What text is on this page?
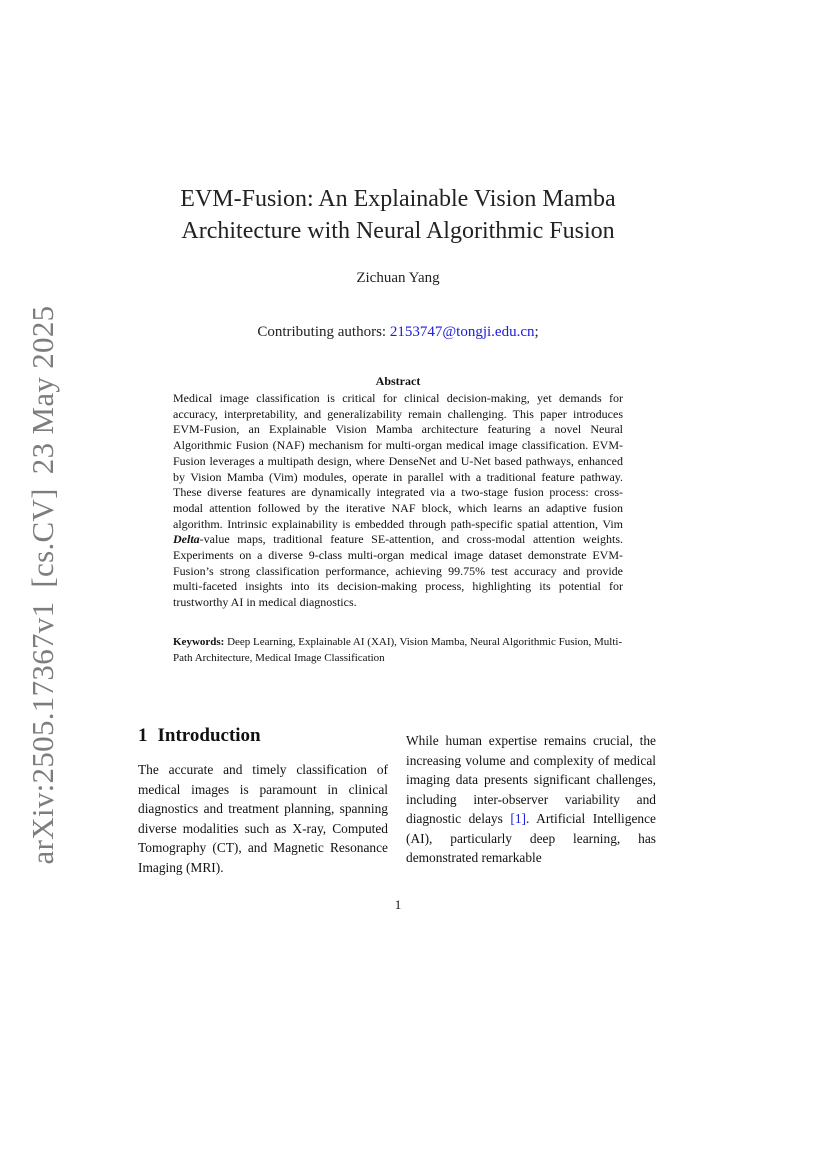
arXiv:2505.17367v1[cs.CV]23 May 2025
EVM-Fusion: An Explainable Vision Mamba Architecture with Neural Algorithmic Fusion
Zichuan Yang
Contributing authors: 2153747@tongji.edu.cn;
Abstract
Medical image classification is critical for clinical decision-making, yet demands for accuracy, interpretability, and generalizability remain challenging. This paper introduces EVM-Fusion, an Explainable Vision Mamba architecture featuring a novel Neural Algorithmic Fusion (NAF) mechanism for multi-organ medical image classification. EVM-Fusion leverages a multipath design, where DenseNet and U-Net based pathways, enhanced by Vision Mamba (Vim) modules, operate in parallel with a traditional feature pathway. These diverse features are dynamically integrated via a two-stage fusion process: cross-modal attention followed by the iterative NAF block, which learns an adaptive fusion algorithm. Intrinsic explainability is embedded through path-specific spatial attention, Vim Delta-value maps, traditional feature SE-attention, and cross-modal attention weights. Experiments on a diverse 9-class multi-organ medical image dataset demonstrate EVM-Fusion’s strong classification performance, achieving 99.75% test accuracy and provide multi-faceted insights into its decision-making process, highlighting its potential for trustworthy AI in medical diagnostics.
Keywords: Deep Learning, Explainable AI (XAI), Vision Mamba, Neural Algorithmic Fusion, Multi-Path Architecture, Medical Image Classification
1 Introduction
The accurate and timely classification of medical images is paramount in clinical diagnostics and treatment planning, spanning diverse modalities such as X-ray, Computed Tomography (CT), and Magnetic Resonance Imaging (MRI).
While human expertise remains crucial, the increasing volume and complexity of medical imaging data presents significant challenges, including inter-observer variability and diagnostic delays [1]. Artificial Intelligence (AI), particularly deep learning, has demonstrated remarkable
1
